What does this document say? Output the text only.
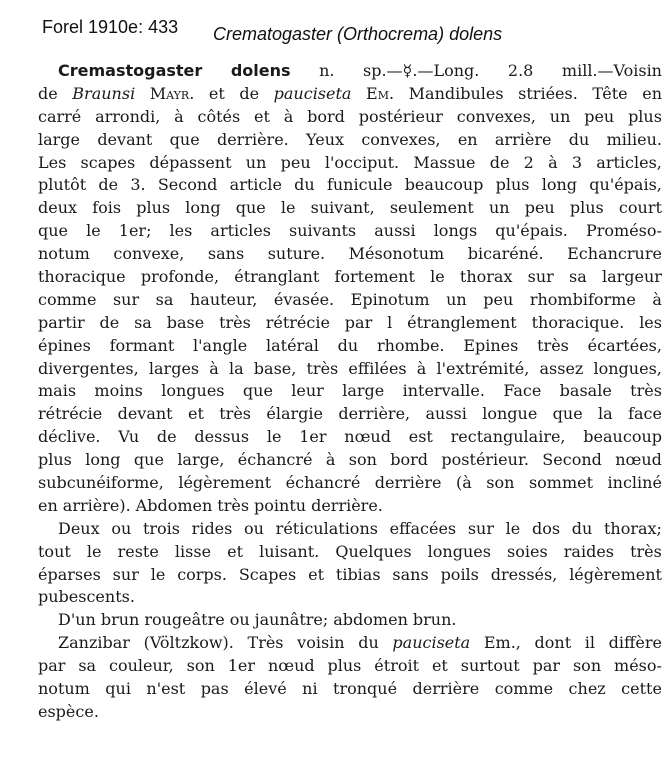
Forel 1910e: 433 Crematogaster (Orthocrema) dolens
Cremastogaster dolens n. sp.—☿.—Long. 2.8 mill.—Voisin
de Braunsi Mayr. et de pauciseta Em. Mandibules striées. Tête en
carré arrondi, à côtés et à bord postérieur convexes, un peu plus
large devant que derrière. Yeux convexes, en arrière du milieu.
Les scapes dépassent un peu l'occiput. Massue de 2 à 3 articles,
plutôt de 3. Second article du funicule beaucoup plus long qu'épais,
deux fois plus long que le suivant, seulement un peu plus court
que le 1er; les articles suivants aussi longs qu'épais. Promésо-
notum convexe, sans suture. Mésonotum bicaréné. Echancrure
thoracique profonde, étranglant fortement le thorax sur sa largeur
comme sur sa hauteur, évasée. Epinotum un peu rhombiforme à
partir de sa base très rétrécie par l étranglement thoracique. les
épines formant l'angle latéral du rhombe. Epines très écartées,
divergentes, larges à la base, très effilées à l'extrémité, assez longues,
mais moins longues que leur large intervalle. Face basale très
rétrécie devant et très élargie derrière, aussi longue que la face
déclive. Vu de dessus le 1er nœud est rectangulaire, beaucoup
plus long que large, échancré à son bord postérieur. Second nœud
subcunéiforme, légèrement échancré derrière (à son sommet incliné
en arrière). Abdomen très pointu derrière.
Deux ou trois rides ou réticulations effacées sur le dos du thorax;
tout le reste lisse et luisant. Quelques longues soies raides très
éparses sur le corps. Scapes et tibias sans poils dressés, légèrement
pubescents.
D'un brun rougeâtre ou jaunâtre; abdomen brun.
Zanzibar (Völtzkow). Très voisin du pauciseta Em., dont il diffère
par sa couleur, son 1er nœud plus étroit et surtout par son méso-
notum qui n'est pas élevé ni tronqué derrière comme chez cette
espèce.
